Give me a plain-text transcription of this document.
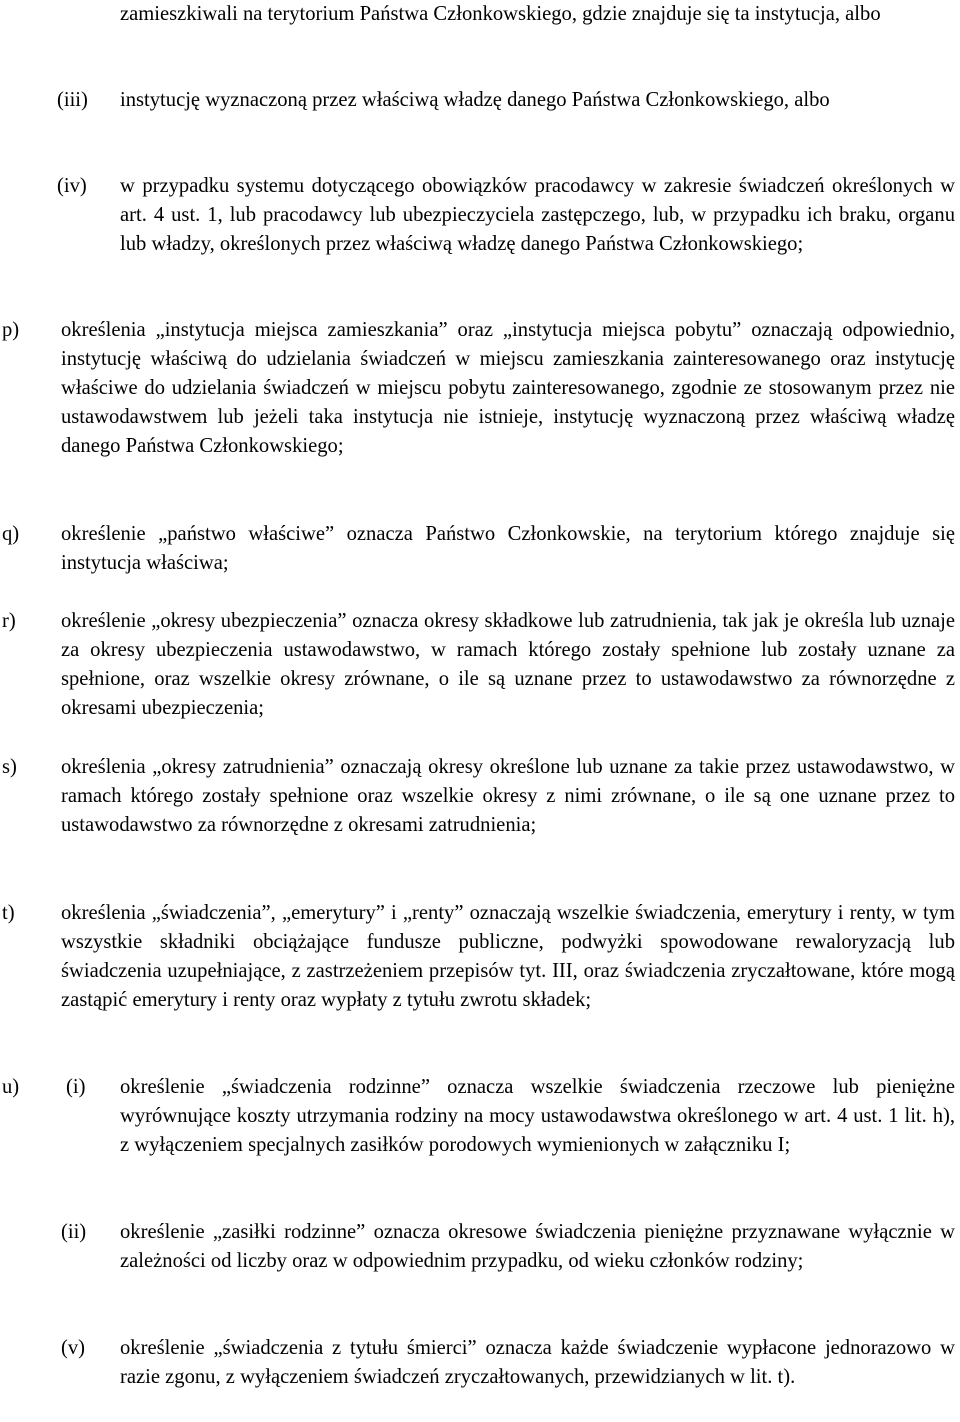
zamieszkiwali na terytorium Państwa Członkowskiego, gdzie znajduje się ta instytucja, albo

(iii) instytucję wyznaczoną przez właściwą władzę danego Państwa Członkowskiego, albo

(iv) w przypadku systemu dotyczącego obowiązków pracodawcy w zakresie świadczeń określonych w art. 4 ust. 1, lub pracodawcy lub ubezpieczyciela zastępczego, lub, w przypadku ich braku, organu lub władzy, określonych przez właściwą władzę danego Państwa Członkowskiego;

p) określenia „instytucja miejsca zamieszkania” oraz „instytucja miejsca pobytu” oznaczają odpowiednio, instytucję właściwą do udzielania świadczeń w miejscu zamieszkania zainteresowanego oraz instytucję właściwe do udzielania świadczeń w miejscu pobytu zainteresowanego, zgodnie ze stosowanym przez nie ustawodawstwem lub jeżeli taka instytucja nie istnieje, instytucję wyznaczoną przez właściwą władzę danego Państwa Członkowskiego;

q) określenie „państwo właściwe” oznacza Państwo Członkowskie, na terytorium którego znajduje się instytucja właściwa;

r) określenie „okresy ubezpieczenia” oznacza okresy składkowe lub zatrudnienia, tak jak je określa lub uznaje za okresy ubezpieczenia ustawodawstwo, w ramach którego zostały spełnione lub zostały uznane za spełnione, oraz wszelkie okresy zrównane, o ile są uznane przez to ustawodawstwo za równorzędne z okresami ubezpieczenia;

s) określenia „okresy zatrudnienia” oznaczają okresy określone lub uznane za takie przez ustawodawstwo, w ramach którego zostały spełnione oraz wszelkie okresy z nimi zrównane, o ile są one uznane przez to ustawodawstwo za równorzędne z okresami zatrudnienia;

t) określenia „świadczenia”, „emerytury” i „renty” oznaczają wszelkie świadczenia, emerytury i renty, w tym wszystkie składniki obciążające fundusze publiczne, podwyżki spowodowane rewaloryzacją lub świadczenia uzupełniające, z zastrzeżeniem przepisów tyt. III, oraz świadczenia zryczałtowane, które mogą zastąpić emerytury i renty oraz wypłaty z tytułu zwrotu składek;

u) (i) określenie „świadczenia rodzinne” oznacza wszelkie świadczenia rzeczowe lub pieniężne wyrównujące koszty utrzymania rodziny na mocy ustawodawstwa określonego w art. 4 ust. 1 lit. h), z wyłączeniem specjalnych zasiłków porodowych wymienionych w załączniku I;

(ii) określenie „zasiłki rodzinne” oznacza okresowe świadczenia pieniężne przyznawane wyłącznie w zależności od liczby oraz w odpowiednim przypadku, od wieku członków rodziny;

(v) określenie „świadczenia z tytułu śmierci” oznacza każde świadczenie wypłacone jednorazowo w razie zgonu, z wyłączeniem świadczeń zryczałtowanych, przewidzianych w lit. t).
